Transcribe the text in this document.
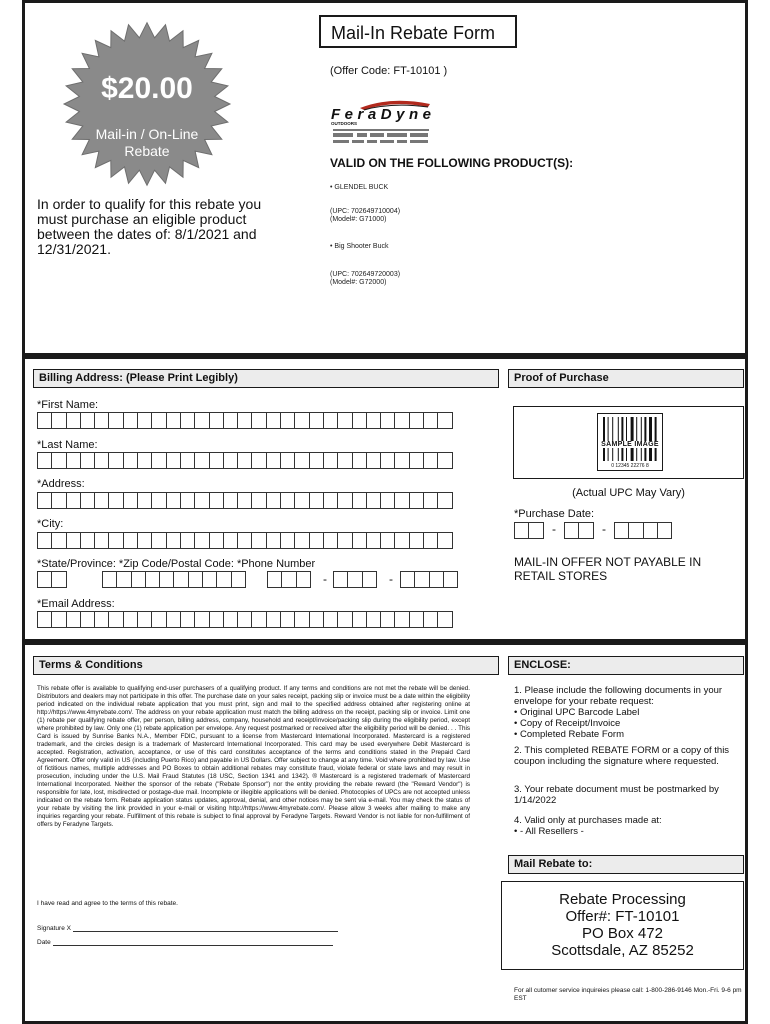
$20.00
Mail-in / On-Line
Rebate
In order to qualify for this rebate you must purchase an eligible product between the dates of: 8/1/2021 and 12/31/2021.
Mail-In Rebate Form
(Offer Code: FT-10101 )
FeraDyne
OUTDOORS
VALID ON THE FOLLOWING PRODUCT(S):
• GLENDEL BUCK
(UPC: 702649710004)
(Model#: G71000)
• Big Shooter Buck
(UPC: 702649720003)
(Model#: G72000)
Billing Address: (Please Print Legibly)
*First Name:
*Last Name:
*Address:
*City:
*State/Province: *Zip Code/Postal Code: *Phone Number
-	-
*Email Address:
Proof of Purchase
SAMPLE IMAGE
0 12345 22276 8
(Actual UPC May Vary)
*Purchase Date:
-	-
MAIL-IN OFFER NOT PAYABLE IN RETAIL STORES
Terms & Conditions
This rebate offer is available to qualifying end-user purchasers of a qualifying product. If any terms and conditions are not met the rebate will be denied. Distributors and dealers may not participate in this offer. The purchase date on your sales receipt, packing slip or invoice must be a date within the eligibility period indicated on the individual rebate application that you must print, sign and mail to the specified address obtained after registering online at http://https://www.4myrebate.com/. The address on your rebate application must match the billing address on the receipt, packing slip or invoice. Limit one (1) rebate per qualifying rebate offer, per person, billing address, company, household and receipt/invoice/packing slip during the eligibility period, except where prohibited by law. Only one (1) rebate application per envelope. Any request postmarked or received after the eligibility period will be denied. . . This Card is issued by Sunrise Banks N.A., Member FDIC, pursuant to a license from Mastercard International Incorporated. Mastercard is a registered trademark, and the circles design is a trademark of Mastercard International Incorporated. This card may be used everywhere Debit Mastercard is accepted. Registration, activation, acceptance, or use of this card constitutes acceptance of the terms and conditions stated in the Prepaid Card Agreement. Offer only valid in US (including Puerto Rico) and payable in US Dollars. Offer subject to change at any time. Void where prohibited by law. Use of fictitious names, multiple addresses and PO Boxes to obtain additional rebates may constitute fraud, violate federal or state laws and may result in prosecution, including under the U.S. Mail Fraud Statutes (18 USC, Section 1341 and 1342). ® Mastercard is a registered trademark of Mastercard International Incorporated. Neither the sponsor of the rebate ("Rebate Sponsor") nor the entity providing the rebate reward (the "Reward Vendor") is responsible for late, lost, misdirected or postage-due mail. Incomplete or illegible applications will be denied. Photocopies of UPCs are not accepted unless indicated on the rebate form. Rebate application status updates, approval, denial, and other notices may be sent via e-mail. You may check the status of your rebate by visiting the link provided in your e-mail or visiting http://https://www.4myrebate.com/. Please allow 3 weeks after mailing to make any inquiries regarding your rebate. Fulfillment of this rebate is subject to final approval by Feradyne Targets. Reward Vendor is not liable for non-fulfillment of offers by Feradyne Targets.
I have read and agree to the terms of this rebate.
Signature X
Date
ENCLOSE:
1. Please include the following documents in your envelope for your rebate request:
• Original UPC Barcode Label
• Copy of Receipt/Invoice
• Completed Rebate Form
2. This completed REBATE FORM or a copy of this coupon including the signature where requested.
3. Your rebate document must be postmarked by 1/14/2022
4. Valid only at purchases made at:
• - All Resellers -
Mail Rebate to:
Rebate Processing
Offer#: FT-10101
PO Box 472
Scottsdale, AZ 85252
For all cutomer service inquireies please call: 1-800-286-9146 Mon.-Fri. 9-6 pm EST
